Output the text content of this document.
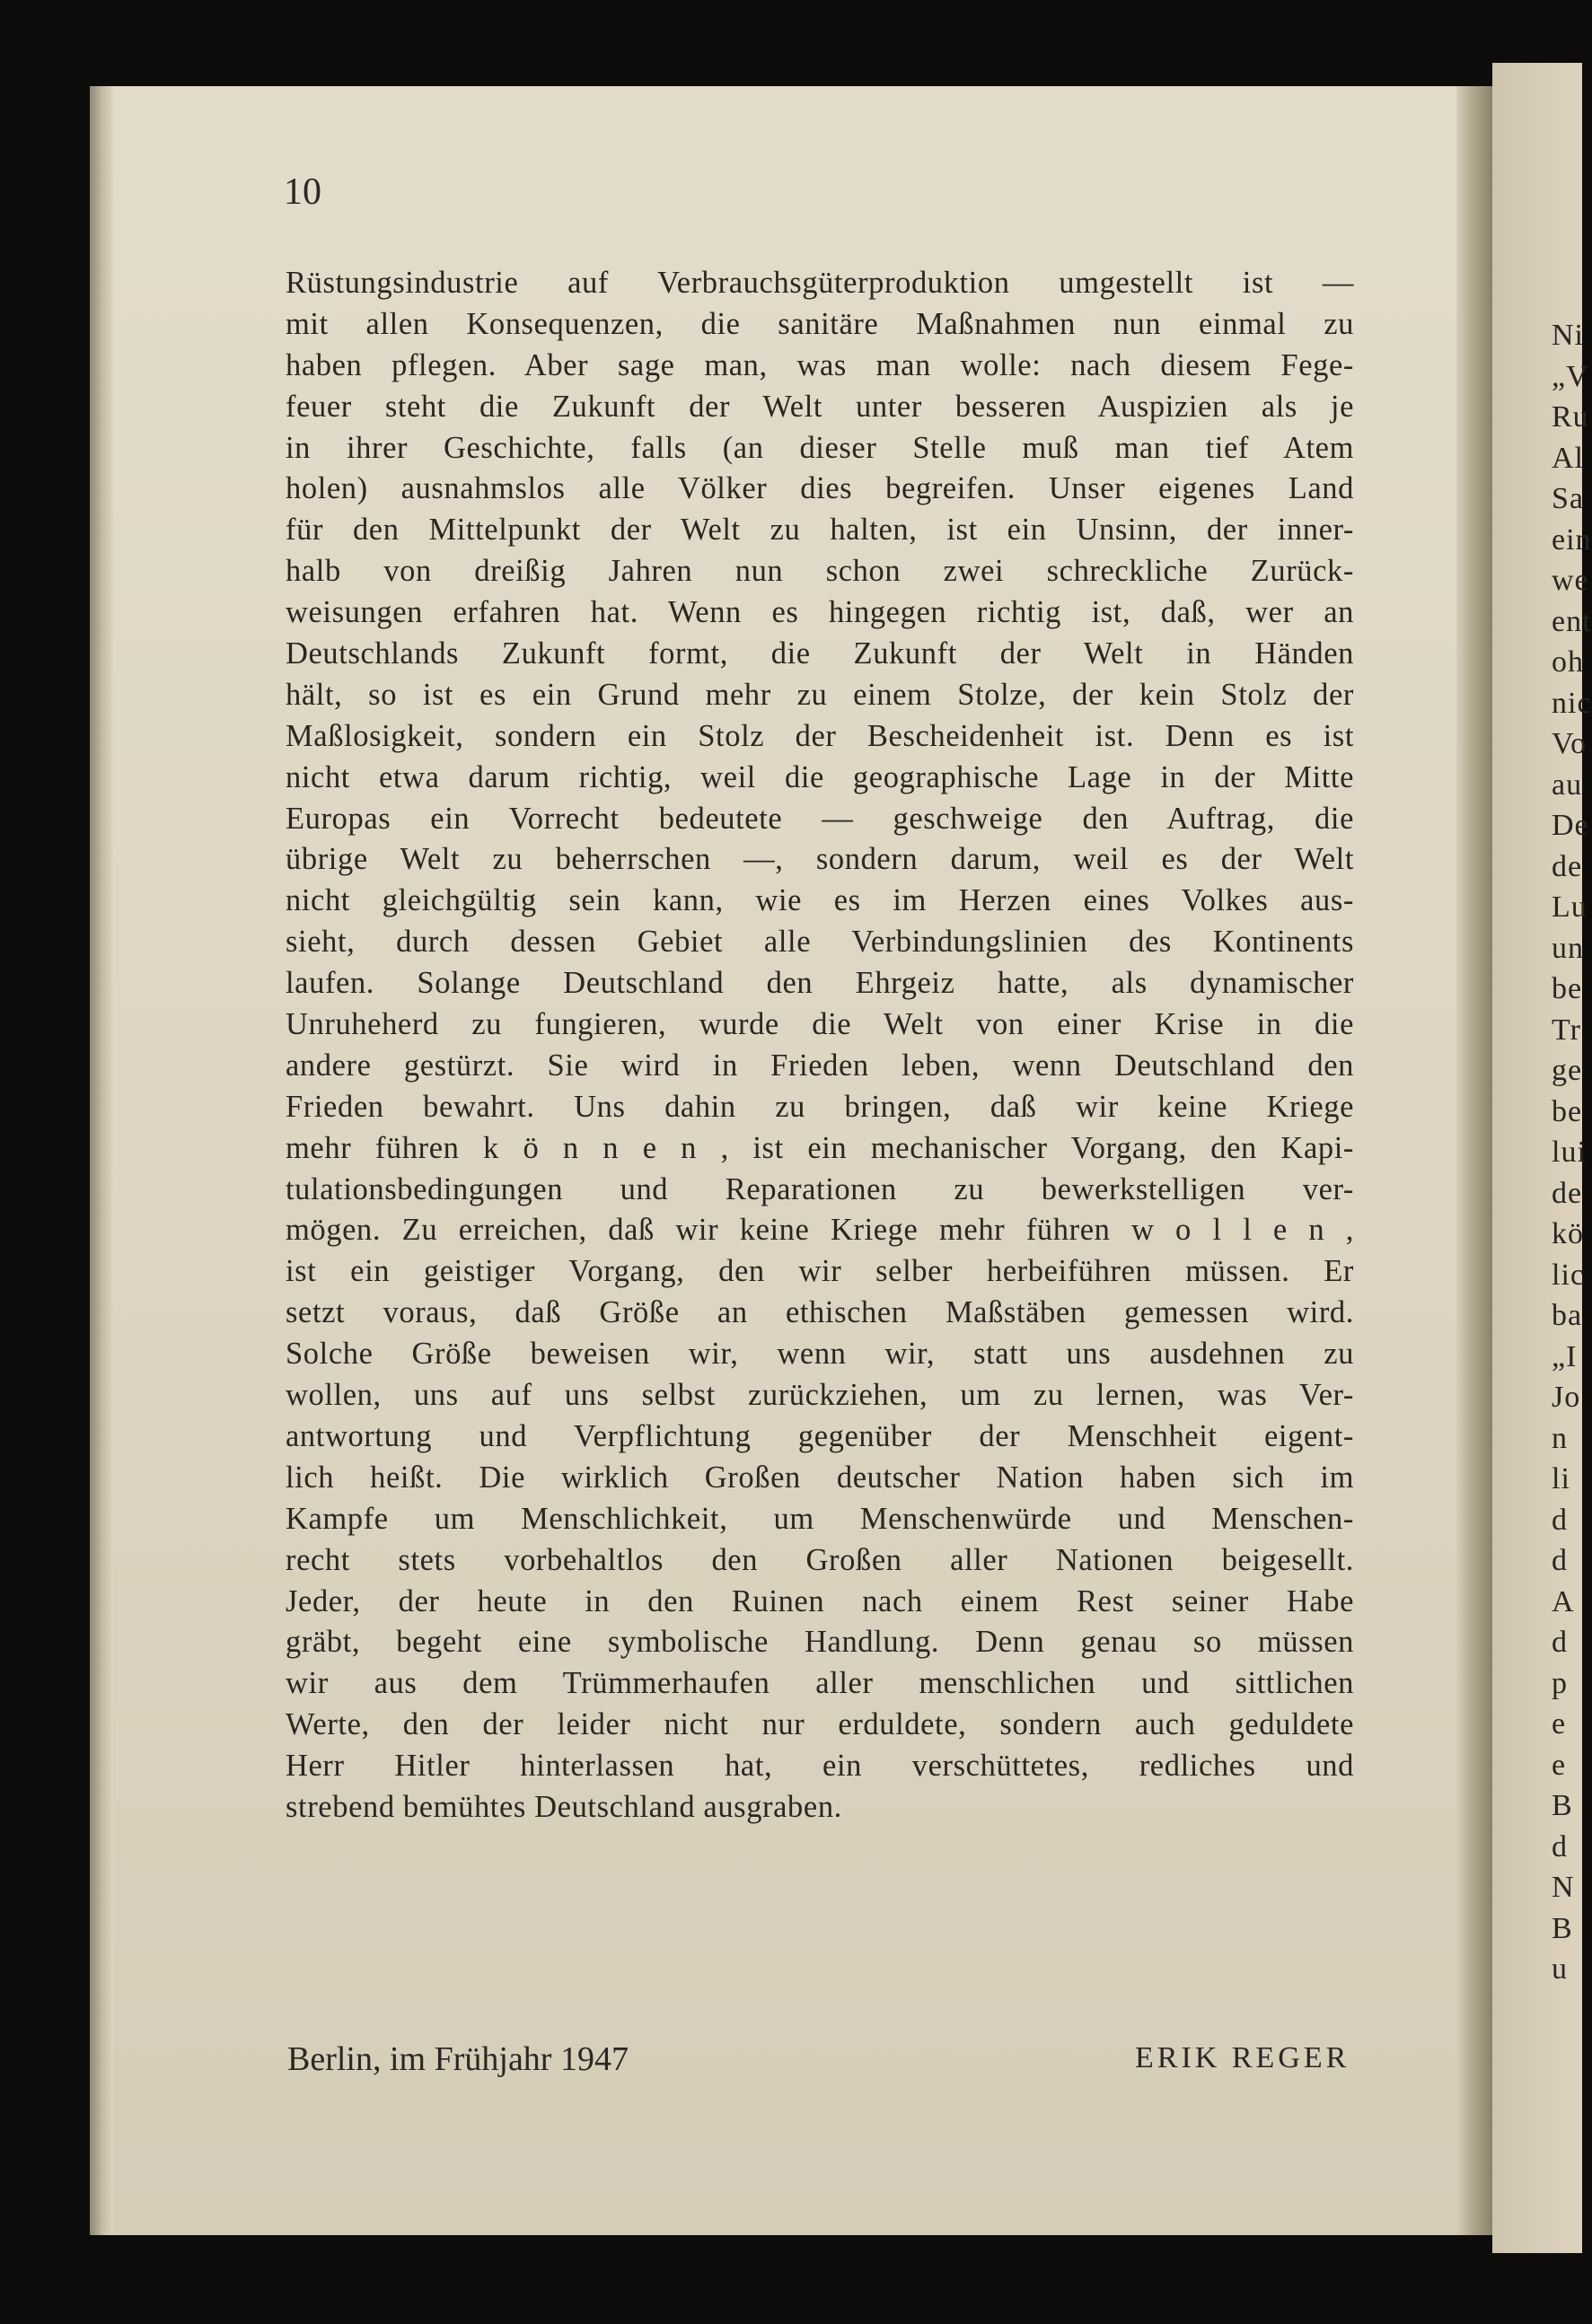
Ni
„V
Ru
Al
Sa
ein
we
ent
oh
nic
Vo
au
De
de
Lu
un
be
Tr
ge
be
lui
de
kö
lic
ba
„I
Jo
n
li
d
d
A
d
p
e
e
B
d
N
B
u
10
Rüstungsindustrie auf Verbrauchsgüterproduktion umgestellt ist —
mit allen Konsequenzen, die sanitäre Maßnahmen nun einmal zu
haben pflegen. Aber sage man, was man wolle: nach diesem Fege-
feuer steht die Zukunft der Welt unter besseren Auspizien als je
in ihrer Geschichte, falls (an dieser Stelle muß man tief Atem
holen) ausnahmslos alle Völker dies begreifen. Unser eigenes Land
für den Mittelpunkt der Welt zu halten, ist ein Unsinn, der inner-
halb von dreißig Jahren nun schon zwei schreckliche Zurück-
weisungen erfahren hat. Wenn es hingegen richtig ist, daß, wer an
Deutschlands Zukunft formt, die Zukunft der Welt in Händen
hält, so ist es ein Grund mehr zu einem Stolze, der kein Stolz der
Maßlosigkeit, sondern ein Stolz der Bescheidenheit ist. Denn es ist
nicht etwa darum richtig, weil die geographische Lage in der Mitte
Europas ein Vorrecht bedeutete — geschweige den Auftrag, die
übrige Welt zu beherrschen —, sondern darum, weil es der Welt
nicht gleichgültig sein kann, wie es im Herzen eines Volkes aus-
sieht, durch dessen Gebiet alle Verbindungslinien des Kontinents
laufen. Solange Deutschland den Ehrgeiz hatte, als dynamischer
Unruheherd zu fungieren, wurde die Welt von einer Krise in die
andere gestürzt. Sie wird in Frieden leben, wenn Deutschland den
Frieden bewahrt. Uns dahin zu bringen, daß wir keine Kriege
mehr führen k ö n n e n , ist ein mechanischer Vorgang, den Kapi-
tulationsbedingungen und Reparationen zu bewerkstelligen ver-
mögen. Zu erreichen, daß wir keine Kriege mehr führen w o l l e n ,
ist ein geistiger Vorgang, den wir selber herbeiführen müssen. Er
setzt voraus, daß Größe an ethischen Maßstäben gemessen wird.
Solche Größe beweisen wir, wenn wir, statt uns ausdehnen zu
wollen, uns auf uns selbst zurückziehen, um zu lernen, was Ver-
antwortung und Verpflichtung gegenüber der Menschheit eigent-
lich heißt. Die wirklich Großen deutscher Nation haben sich im
Kampfe um Menschlichkeit, um Menschenwürde und Menschen-
recht stets vorbehaltlos den Großen aller Nationen beigesellt.
Jeder, der heute in den Ruinen nach einem Rest seiner Habe
gräbt, begeht eine symbolische Handlung. Denn genau so müssen
wir aus dem Trümmerhaufen aller menschlichen und sittlichen
Werte, den der leider nicht nur erduldete, sondern auch geduldete
Herr Hitler hinterlassen hat, ein verschüttetes, redliches und
strebend bemühtes Deutschland ausgraben.
Berlin, im Frühjahr 1947	ERIK REGER
